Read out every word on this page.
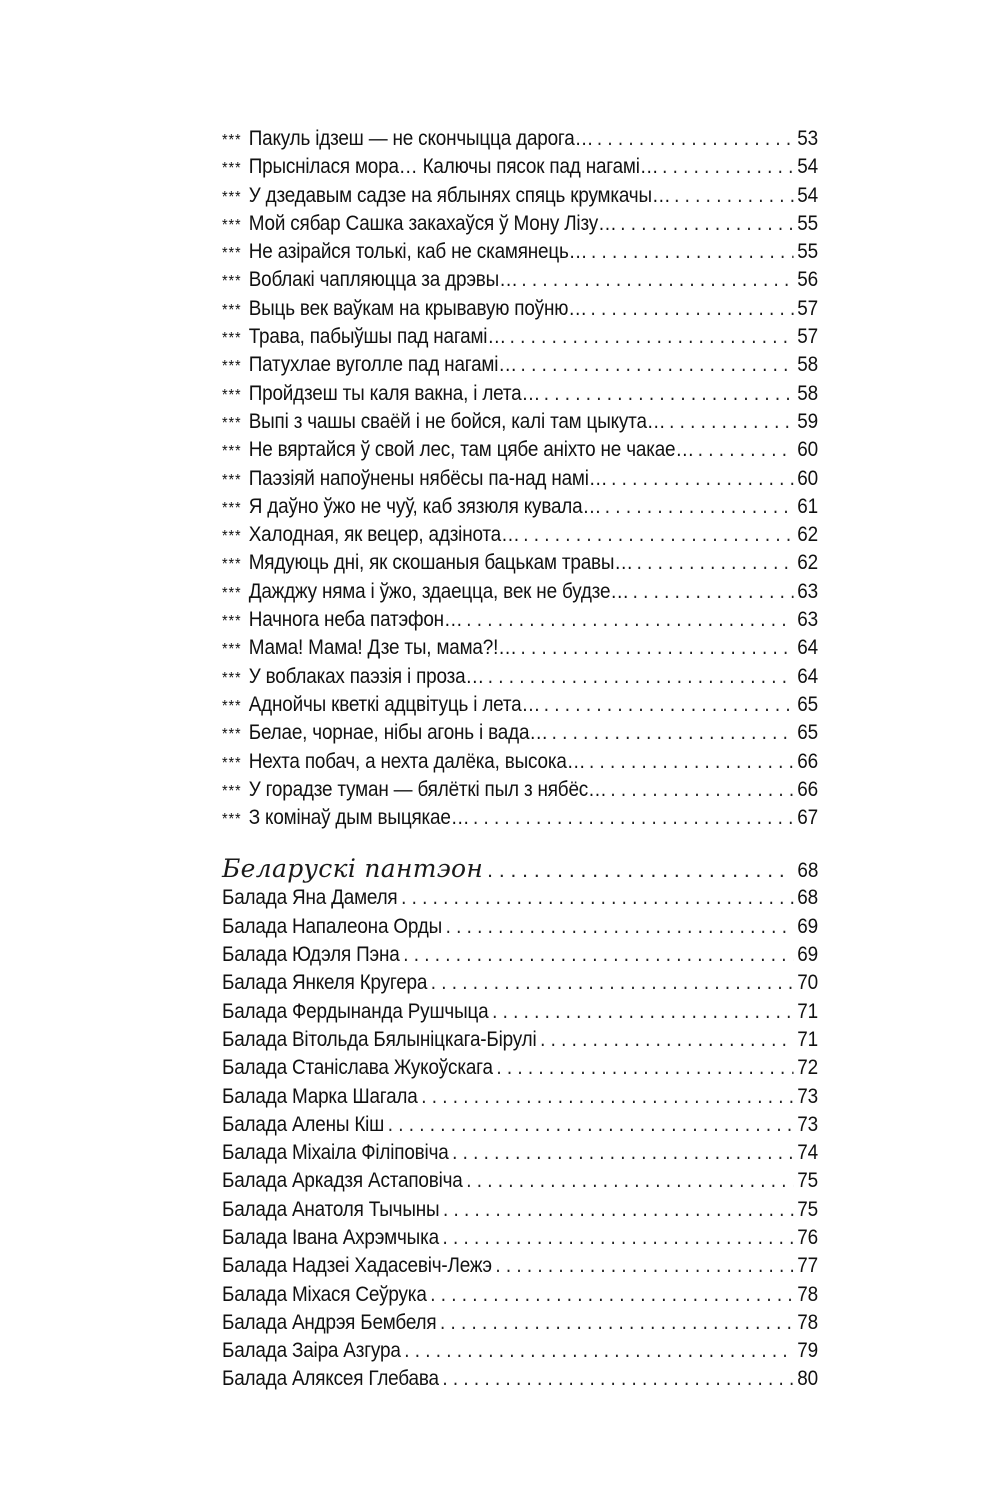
*** Пакуль ідзеш — не скончыцца дарога… . . .	53
*** Прыснілася мора… Калючы пясок пад нагамі… . . .	54
*** У дзедавым садзе на яблынях спяць крумкачы… . . .	54
*** Мой сябар Сашка закахаўся ў Мону Лізу… . . .	55
*** Не азірайся толькі, каб не скамянець… . . .	55
*** Воблакі чапляюцца за дрэвы… . . .	56
*** Выць век ваўкам на крывавую поўню… . . .	57
*** Трава, пабыўшы пад нагамі… . . .	57
*** Патухлае вуголле пад нагамі… . . .	58
*** Пройдзеш ты каля вакна, і лета… . . .	58
*** Выпі з чашы сваёй і не бойся, калі там цыкута… . . .	59
*** Не вяртайся ў свой лес, там цябе аніхто не чакае… . . .	60
*** Паэзіяй напоўнены нябёсы па-над намі… . . .	60
*** Я даўно ўжо не чуў, каб зязюля кувала… . . .	61
*** Халодная, як вецер, адзінота… . . .	62
*** Мядуюць дні, як скошаныя бацькам травы… . . .	62
*** Дажджу няма і ўжо, здаецца, век не будзе… . . .	63
*** Начнога неба патэфон… . . .	63
*** Мама! Мама! Дзе ты, мама?!… . . .	64
*** У воблаках паэзія і проза… . . .	64
*** Аднойчы кветкі адцвітуць і лета… . . .	65
*** Белае, чорнае, нібы агонь і вада… . . .	65
*** Нехта побач, а нехта далёка, высока… . . .	66
*** У горадзе туман — бялёткі пыл з нябёс… . . .	66
*** З комінаў дым выцякае… . . .	67
Беларускі пантэон . . .	68
Балада Яна Дамеля . . .	68
Балада Напалеона Орды . . .	69
Балада Юдэля Пэна . . .	69
Балада Янкеля Кругера . . .	70
Балада Фердынанда Рушчыца . . .	71
Балада Вітольда Бялыніцкага-Бірулі . . .	71
Балада Станіслава Жукоўскага . . .	72
Балада Марка Шагала . . .	73
Балада Алены Кіш . . .	73
Балада Міхаіла Філіповіча . . .	74
Балада Аркадзя Астаповіча . . .	75
Балада Анатоля Тычыны . . .	75
Балада Івана Ахрэмчыка . . .	76
Балада Надзеі Хадасевіч-Лежэ . . .	77
Балада Міхася Сеўрука . . .	78
Балада Андрэя Бембеля . . .	78
Балада Заіра Азгура . . .	79
Балада Аляксея Глебава . . .	80
